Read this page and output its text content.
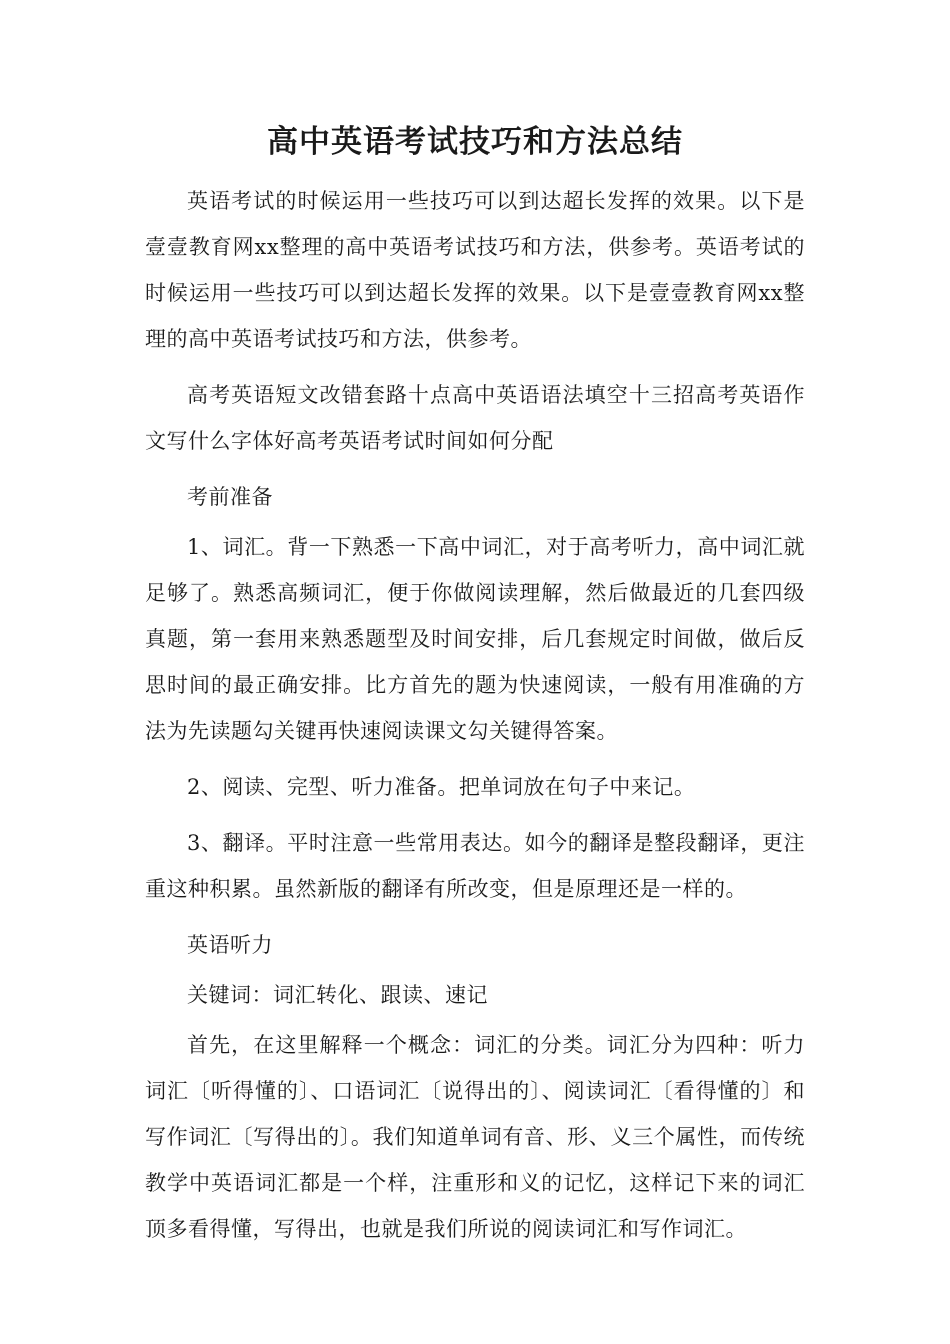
高中英语考试技巧和方法总结

英语考试的时候运用一些技巧可以到达超长发挥的效果。以下是壹壹教育网xx整理的高中英语考试技巧和方法，供参考。英语考试的时候运用一些技巧可以到达超长发挥的效果。以下是壹壹教育网xx整理的高中英语考试技巧和方法，供参考。

高考英语短文改错套路十点高中英语语法填空十三招高考英语作文写什么字体好高考英语考试时间如何分配

考前准备

1、词汇。背一下熟悉一下高中词汇，对于高考听力，高中词汇就足够了。熟悉高频词汇，便于你做阅读理解，然后做最近的几套四级真题，第一套用来熟悉题型及时间安排，后几套规定时间做，做后反思时间的最正确安排。比方首先的题为快速阅读，一般有用准确的方法为先读题勾关键再快速阅读课文勾关键得答案。

2、阅读、完型、听力准备。把单词放在句子中来记。

3、翻译。平时注意一些常用表达。如今的翻译是整段翻译，更注重这种积累。虽然新版的翻译有所改变，但是原理还是一样的。

英语听力

关键词：词汇转化、跟读、速记

首先，在这里解释一个概念：词汇的分类。词汇分为四种：听力词汇〔听得懂的〕、口语词汇〔说得出的〕、阅读词汇〔看得懂的〕和写作词汇〔写得出的〕。我们知道单词有音、形、义三个属性，而传统教学中英语词汇都是一个样，注重形和义的记忆，这样记下来的词汇顶多看得懂，写得出，也就是我们所说的阅读词汇和写作词汇。
